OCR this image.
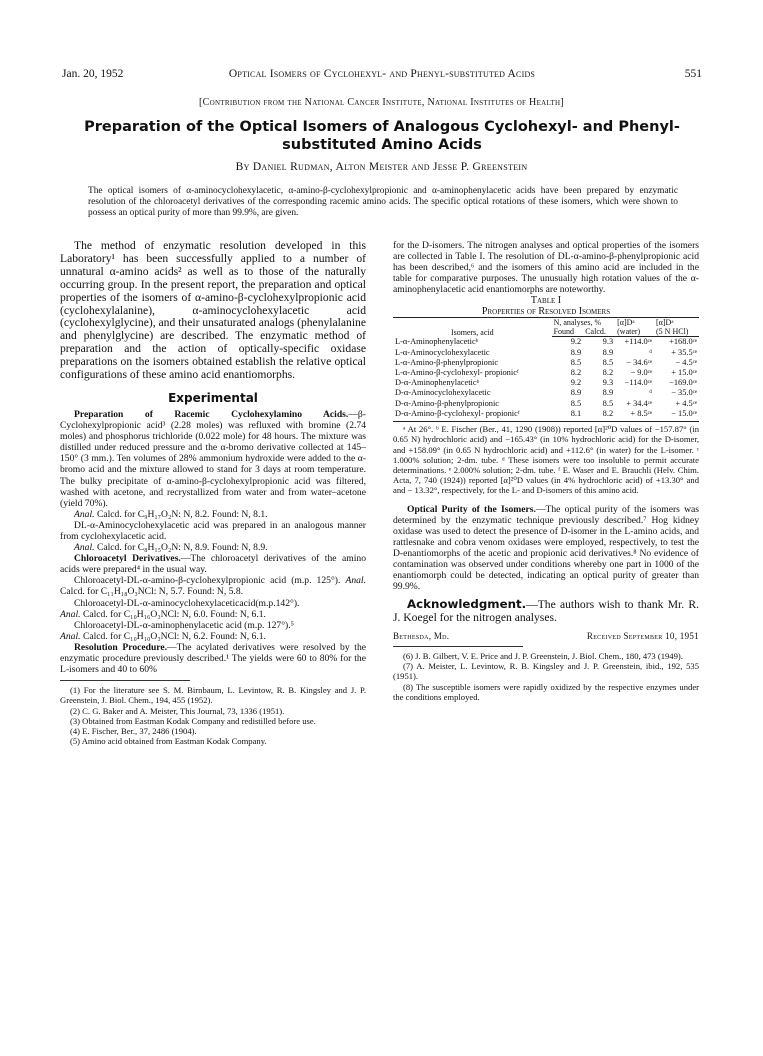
Jan. 20, 1952	Optical Isomers of Cyclohexyl- and Phenyl-substituted Acids	551
[Contribution from the National Cancer Institute, National Institutes of Health]
Preparation of the Optical Isomers of Analogous Cyclohexyl- and Phenyl-substituted Amino Acids
By Daniel Rudman, Alton Meister and Jesse P. Greenstein
The optical isomers of α-aminocyclohexylacetic, α-amino-β-cyclohexylpropionic and α-aminophenylacetic acids have been prepared by enzymatic resolution of the chloroacetyl derivatives of the corresponding racemic amino acids. The specific optical rotations of these isomers, which were shown to possess an optical purity of more than 99.9%, are given.

The method of enzymatic resolution developed in this Laboratory¹ has been successfully applied to a number of unnatural α-amino acids² as well as to those of the naturally occurring group. In the present report, the preparation and optical properties of the isomers of α-amino-β-cyclohexylpropionic acid (cyclohexylalanine), α-aminocyclohexylacetic acid (cyclohexylglycine), and their unsaturated analogs (phenylalanine and phenylglycine) are described. The enzymatic method of preparation and the action of optically-specific oxidase preparations on the isomers obtained establish the relative optical configurations of these amino acid enantiomorphs.

Experimental

Preparation of Racemic Cyclohexylamino Acids.—β-Cyclohexylpropionic acid³ (2.28 moles) was refluxed with bromine (2.74 moles) and phosphorus trichloride (0.022 mole) for 48 hours. The mixture was distilled under reduced pressure and the α-bromo derivative collected at 145–150° (3 mm.). Ten volumes of 28% ammonium hydroxide were added to the α-bromo acid and the mixture allowed to stand for 3 days at room temperature. The bulky precipitate of α-amino-β-cyclohexylpropionic acid was filtered, washed with acetone, and recrystallized from water and from water–acetone (yield 70%).

Anal. Calcd. for C₉H₁₇O₂N: N, 8.2. Found: N, 8.1.

DL-α-Aminocyclohexylacetic acid was prepared in an analogous manner from cyclohexylacetic acid.

Anal. Calcd. for C₈H₁₅O₂N: N, 8.9. Found: N, 8.9.

Chloroacetyl Derivatives.—The chloroacetyl derivatives of the amino acids were prepared⁴ in the usual way.

Chloroacetyl-DL-α-amino-β-cyclohexylpropionic acid (m.p. 125°). Anal. Calcd. for C₁₁H₁₈O₃NCl: N, 5.7. Found: N, 5.8.

Chloroacetyl-DL-α-aminocyclohexylaceticacid(m.p.142°).

Anal. Calcd. for C₁₀H₁₆O₃NCl: N, 6.0. Found: N, 6.1.

Chloroacetyl-DL-α-aminophenylacetic acid (m.p. 127°).⁵

Anal. Calcd. for C₁₀H₁₀O₃NCl: N, 6.2. Found: N, 6.1.

Resolution Procedure.—The acylated derivatives were resolved by the enzymatic procedure previously described.¹ The yields were 60 to 80% for the L-isomers and 40 to 60%

(1) For the literature see S. M. Birnbaum, L. Levintow, R. B. Kingsley and J. P. Greenstein, J. Biol. Chem., 194, 455 (1952).

(2) C. G. Baker and A. Meister, This Journal, 73, 1336 (1951).

(3) Obtained from Eastman Kodak Company and redistilled before use.

(4) E. Fischer, Ber., 37, 2486 (1904).

(5) Amino acid obtained from Eastman Kodak Company.

for the D-isomers. The nitrogen analyses and optical properties of the isomers are collected in Table I. The resolution of DL-α-amino-β-phenylpropionic acid has been described,⁶ and the isomers of this amino acid are included in the table for comparative purposes. The unusually high rotation values of the α-aminophenylacetic acid enantiomorphs are noteworthy.

Table I

Properties of Resolved Isomers

Isomers, acid	N, analyses, %		[α]Dᵃ	[α]Dᵃ
	Found	Calcd.	(water)	(5 N HCl)
L-α-Aminophenylaceticᵇ	9.2	9.3	+114.0ᶜᵉ	+168.0ᶜᵉ
L-α-Aminocyclohexylacetic	8.9	8.9	ᵈ	+ 35.5ᶜᵉ
L-α-Amino-β-phenylpropionic	8.5	8.5	− 34.6ᶜᵉ	− 4.5ᶜᵉ
L-α-Amino-β-cyclohexyl- propionicᶠ	8.2	8.2	− 9.0ᶜᵉ	+ 15.0ᶜᵉ
D-α-Aminophenylaceticᵇ	9.2	9.3	−114.0ᶜᵉ	−169.0ᶜᵉ
D-α-Aminocyclohexylacetic	8.9	8.9	ᵈ	− 35.0ᶜᵉ
D-α-Amino-β-phenylpropionic	8.5	8.5	+ 34.4ᶜᵉ	+ 4.5ᶜᵉ
D-α-Amino-β-cyclohexyl- propionicᶠ	8.1	8.2	+ 8.5ᶜᵉ	− 15.0ᶜᵉ

ᵃ At 26°. ᵇ E. Fischer (Ber., 41, 1290 (1908)) reported [α]²⁰D values of −157.87° (in 0.65 N) hydrochloric acid) and −165.43° (in 10% hydrochloric acid) for the D-isomer, and +158.09° (in 0.65 N hydrochloric acid) and +112.6° (in water) for the L-isomer. ᶜ 1.000% solution; 2-dm. tube. ᵈ These isomers were too insoluble to permit accurate determinations. ᵉ 2.000% solution; 2-dm. tube. ᶠ E. Waser and E. Brauchli (Helv. Chim. Acta, 7, 740 (1924)) reported [α]²⁰D values (in 4% hydrochloric acid) of +13.30° and and − 13.32°, respectively, for the L- and D-isomers of this amino acid.

Optical Purity of the Isomers.—The optical purity of the isomers was determined by the enzymatic technique previously described.⁷ Hog kidney oxidase was used to detect the presence of D-isomer in the L-amino acids, and rattlesnake and cobra venom oxidases were employed, respectively, to test the D-enantiomorphs of the acetic and propionic acid derivatives.⁸ No evidence of contamination was observed under conditions whereby one part in 1000 of the enantiomorph could be detected, indicating an optical purity of greater than 99.9%.

Acknowledgment.—The authors wish to thank Mr. R. J. Koegel for the nitrogen analyses.

Bethesda, Md.	Received September 10, 1951

(6) J. B. Gilbert, V. E. Price and J. P. Greenstein, J. Biol. Chem., 180, 473 (1949).

(7) A. Meister, L. Levintow, R. B. Kingsley and J. P. Greenstein, ibid., 192, 535 (1951).

(8) The susceptible isomers were rapidly oxidized by the respective enzymes under the conditions employed.
